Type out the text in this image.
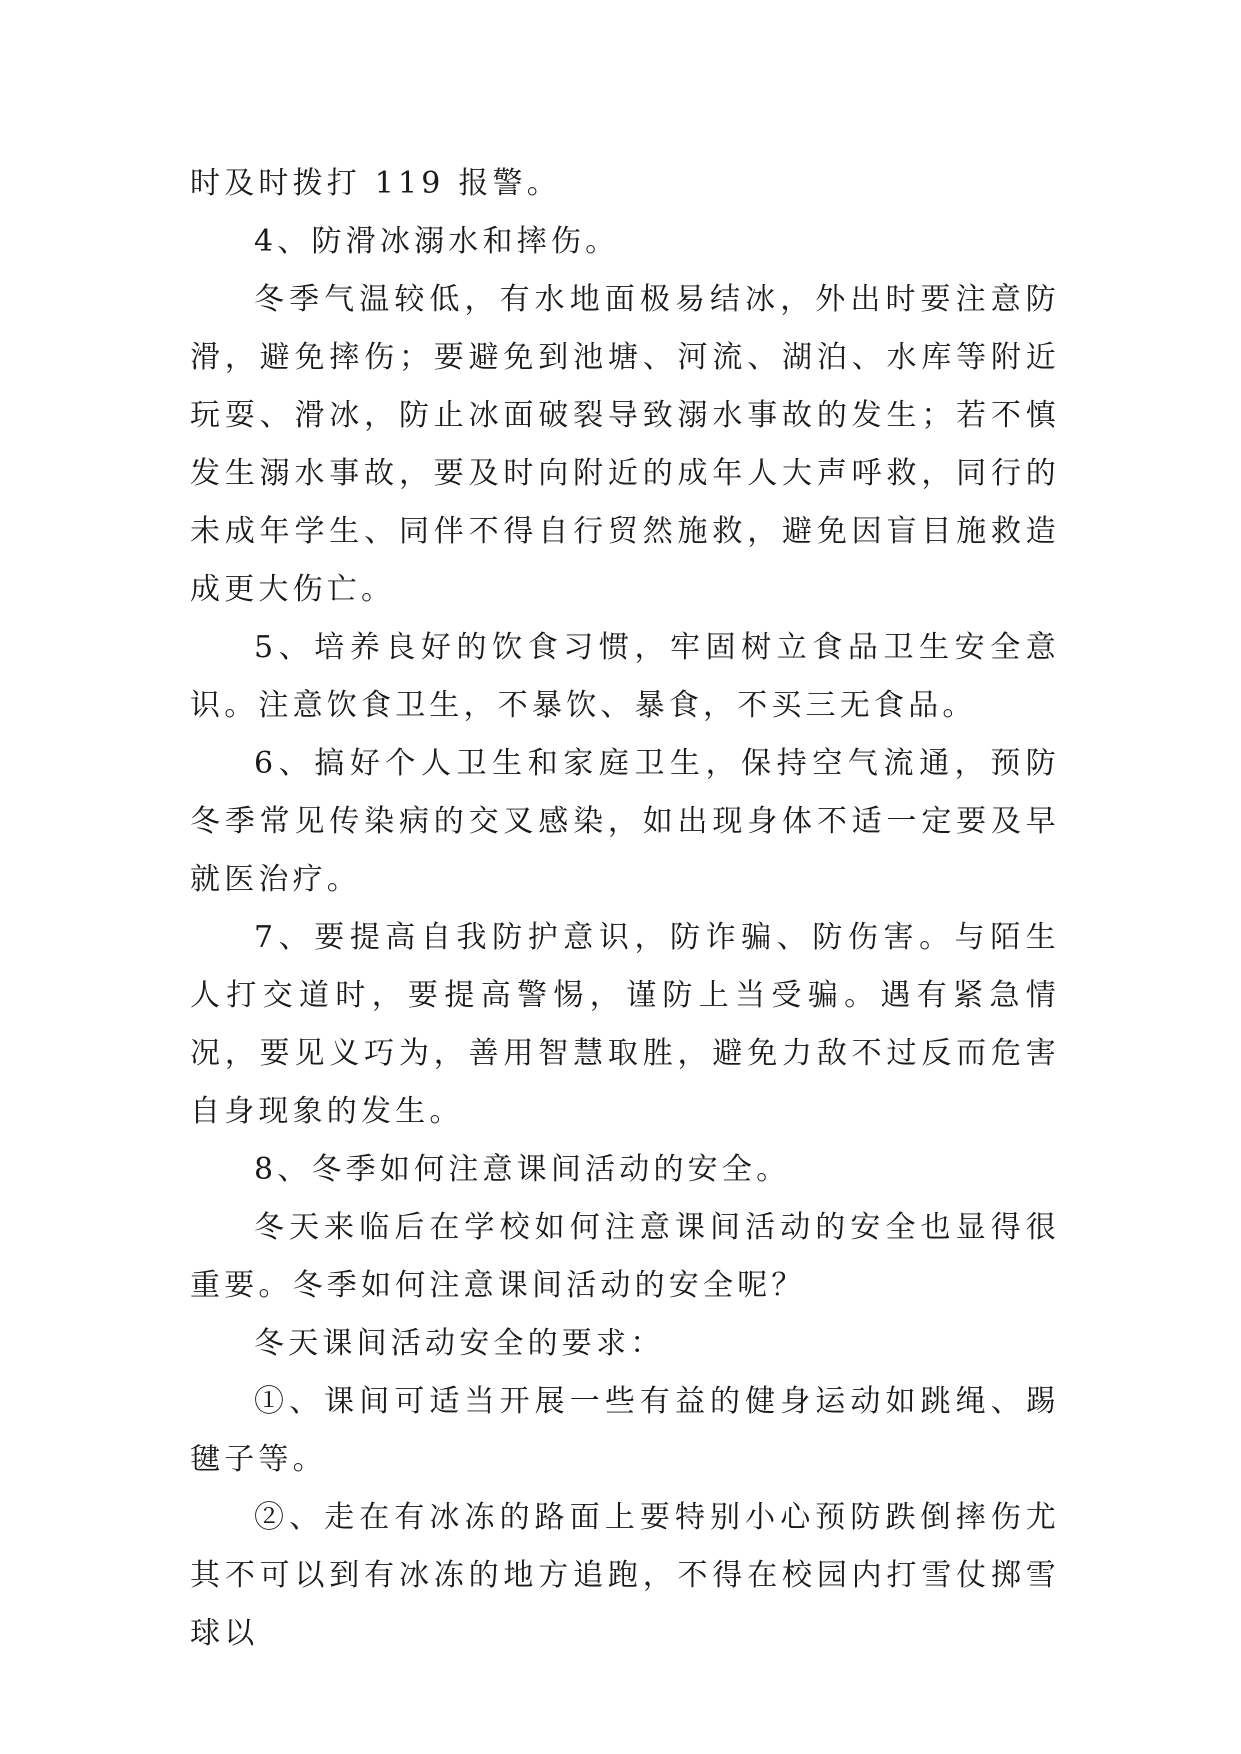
时及时拨打 119 报警。

4、防滑冰溺水和摔伤。

冬季气温较低，有水地面极易结冰，外出时要注意防滑，避免摔伤；要避免到池塘、河流、湖泊、水库等附近玩耍、滑冰，防止冰面破裂导致溺水事故的发生；若不慎发生溺水事故，要及时向附近的成年人大声呼救，同行的未成年学生、同伴不得自行贸然施救，避免因盲目施救造成更大伤亡。

5、培养良好的饮食习惯，牢固树立食品卫生安全意识。注意饮食卫生，不暴饮、暴食，不买三无食品。

6、搞好个人卫生和家庭卫生，保持空气流通，预防冬季常见传染病的交叉感染，如出现身体不适一定要及早就医治疗。

7、要提高自我防护意识，防诈骗、防伤害。与陌生人打交道时，要提高警惕，谨防上当受骗。遇有紧急情况，要见义巧为，善用智慧取胜，避免力敌不过反而危害自身现象的发生。

8、冬季如何注意课间活动的安全。

冬天来临后在学校如何注意课间活动的安全也显得很重要。冬季如何注意课间活动的安全呢？

冬天课间活动安全的要求：

①、课间可适当开展一些有益的健身运动如跳绳、踢毽子等。

②、走在有冰冻的路面上要特别小心预防跌倒摔伤尤其不可以到有冰冻的地方追跑，不得在校园内打雪仗掷雪球以
